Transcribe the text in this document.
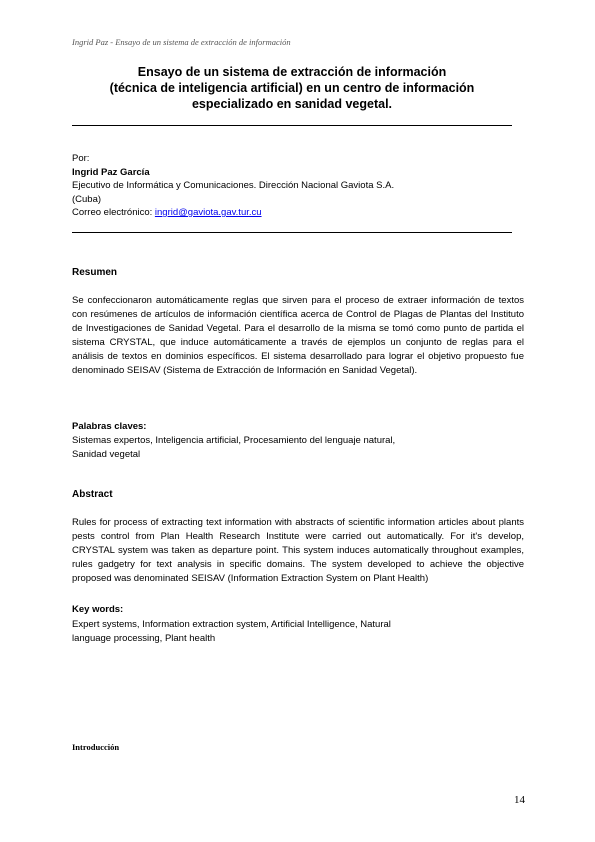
Ingrid Paz - Ensayo de un sistema de extracción de información
Ensayo de un sistema de extracción de información
(técnica de inteligencia artificial) en un centro de información
especializado en sanidad vegetal.
Por:
Ingrid Paz García
Ejecutivo de Informática y Comunicaciones. Dirección Nacional Gaviota S.A.
(Cuba)
Correo electrónico: ingrid@gaviota.gav.tur.cu
Resumen
Se confeccionaron automáticamente reglas que sirven para el proceso de extraer información de textos con resúmenes de artículos de información científica acerca de Control de Plagas de Plantas del Instituto de Investigaciones de Sanidad Vegetal. Para el desarrollo de la misma se tomó como punto de partida el sistema CRYSTAL, que induce automáticamente a través de ejemplos un conjunto de reglas para el análisis de textos en dominios específicos. El sistema desarrollado para lograr el objetivo propuesto fue denominado SEISAV (Sistema de Extracción de Información en Sanidad Vegetal).
Palabras claves:
Sistemas expertos, Inteligencia artificial, Procesamiento del lenguaje natural,
Sanidad vegetal
Abstract
Rules for process of extracting text information with abstracts of scientific information articles about plants pests control from Plan Health Research Institute were carried out automatically. For it's develop, CRYSTAL system was taken as departure point. This system induces automatically throughout examples, rules gadgetry for text analysis in specific domains. The system developed to achieve the objective proposed was denominated SEISAV (Information Extraction System on Plant Health)
Key words:
Expert systems, Information extraction system, Artificial Intelligence, Natural
language processing, Plant health
Introducción
14
